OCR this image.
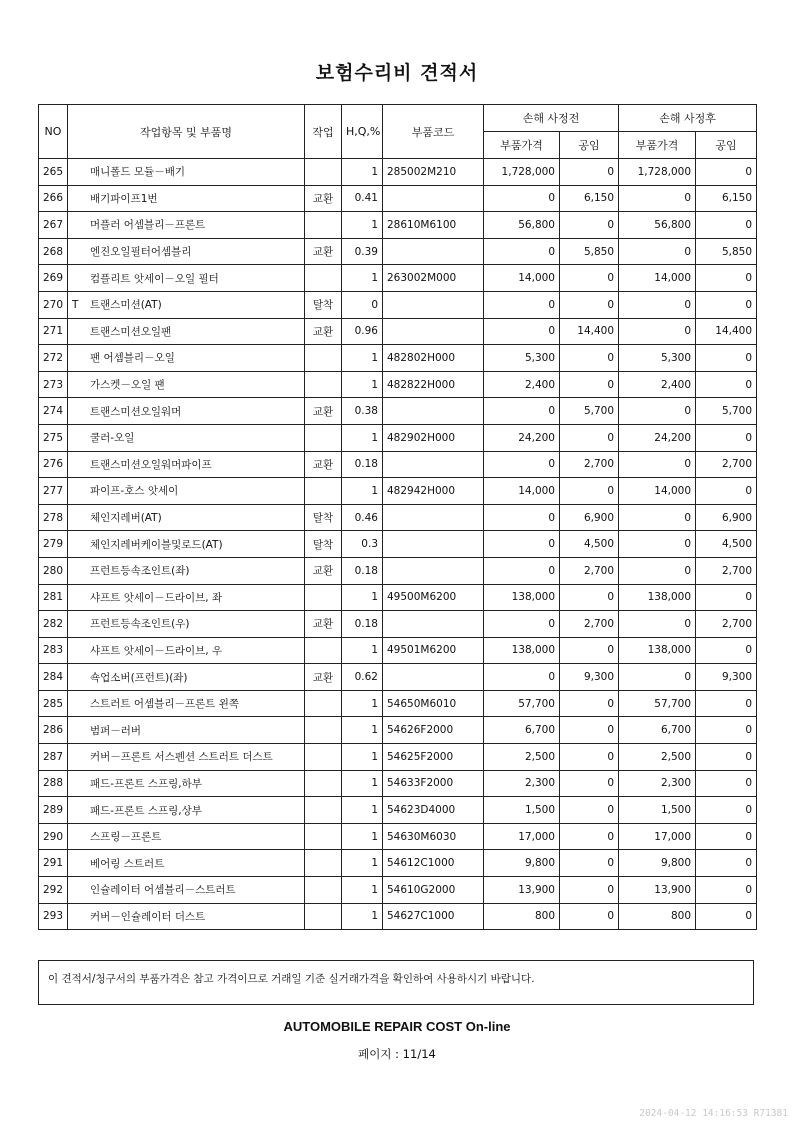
보험수리비 견적서
NO	작업항목 및 부품명	작업	H,Q,%	부품코드	손해 사정전		손해 사정후	
					부품가격	공임	부품가격	공임
265	매니폴드 모듈－배기		1	285002M210	1,728,000	0	1,728,000	0
266	배기파이프1번	교환	0.41		0	6,150	0	6,150
267	머플러 어셈블리－프론트		1	28610M6100	56,800	0	56,800	0
268	엔진오일필터어셈블리	교환	0.39		0	5,850	0	5,850
269	컴플리트 앗세이－오일 필터		1	263002M000	14,000	0	14,000	0
270	T 트랜스미션(AT)	탈착	0		0	0	0	0
271	트랜스미션오일팬	교환	0.96		0	14,400	0	14,400
272	팬 어셈블리－오일		1	482802H000	5,300	0	5,300	0
273	가스켓－오일 팬		1	482822H000	2,400	0	2,400	0
274	트랜스미션오일워머	교환	0.38		0	5,700	0	5,700
275	쿨러-오일		1	482902H000	24,200	0	24,200	0
276	트랜스미션오일워머파이프	교환	0.18		0	2,700	0	2,700
277	파이프-호스 앗세이		1	482942H000	14,000	0	14,000	0
278	체인지레버(AT)	탈착	0.46		0	6,900	0	6,900
279	체인지레버케이블및로드(AT)	탈착	0.3		0	4,500	0	4,500
280	프런트등속조인트(좌)	교환	0.18		0	2,700	0	2,700
281	샤프트 앗세이－드라이브, 좌		1	49500M6200	138,000	0	138,000	0
282	프런트등속조인트(우)	교환	0.18		0	2,700	0	2,700
283	샤프트 앗세이－드라이브, 우		1	49501M6200	138,000	0	138,000	0
284	쇽업소버(프런트)(좌)	교환	0.62		0	9,300	0	9,300
285	스트러트 어셈블리－프론트 왼쪽		1	54650M6010	57,700	0	57,700	0
286	범퍼－러버		1	54626F2000	6,700	0	6,700	0
287	커버－프론트 서스펜션 스트러트 더스트		1	54625F2000	2,500	0	2,500	0
288	패드-프론트 스프링,하부		1	54633F2000	2,300	0	2,300	0
289	패드-프론트 스프링,상부		1	54623D4000	1,500	0	1,500	0
290	스프링－프론트		1	54630M6030	17,000	0	17,000	0
291	베어링 스트러트		1	54612C1000	9,800	0	9,800	0
292	인슐레이터 어셈블리－스트러트		1	54610G2000	13,900	0	13,900	0
293	커버－인슐레이터 더스트		1	54627C1000	800	0	800	0
이 견적서/청구서의 부품가격은 참고 가격이므로 거래일 기준 실거래가격을 확인하여 사용하시기 바랍니다.
AUTOMOBILE REPAIR COST On-line
페이지 : 11/14
2024-04-12 14:16:53 R71381
